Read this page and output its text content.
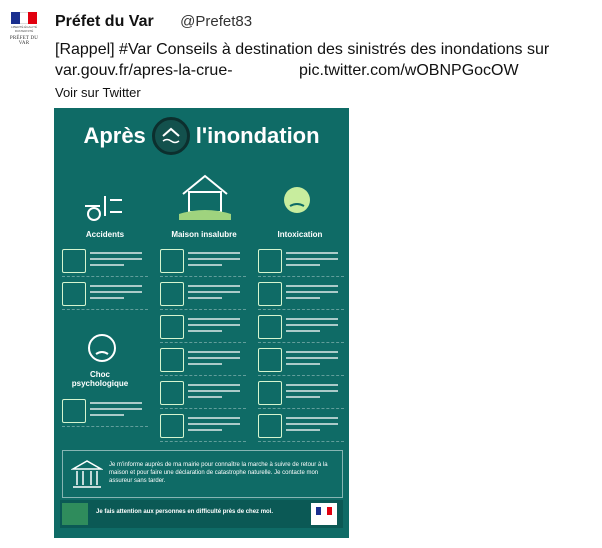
LIBERTÉ ÉGALITÉ FRATERNITÉ
PRÉFET DU VAR
Préfet du Var @Prefet83
[Rappel] #Var Conseils à destination des sinistrés des inondations sur
var.gouv.fr/apres-la-crue-	pic.twitter.com/wOBNPGocOW
Voir sur Twitter
Après l'inondation
Accidents	Maison insalubre	Intoxication
Choc psychologique
Je m'informe auprès de ma mairie pour connaître la marche à suivre de retour à la maison et pour faire une déclaration de catastrophe naturelle. Je contacte mon assureur sans tarder.
Je fais attention aux personnes en difficulté près de chez moi.
